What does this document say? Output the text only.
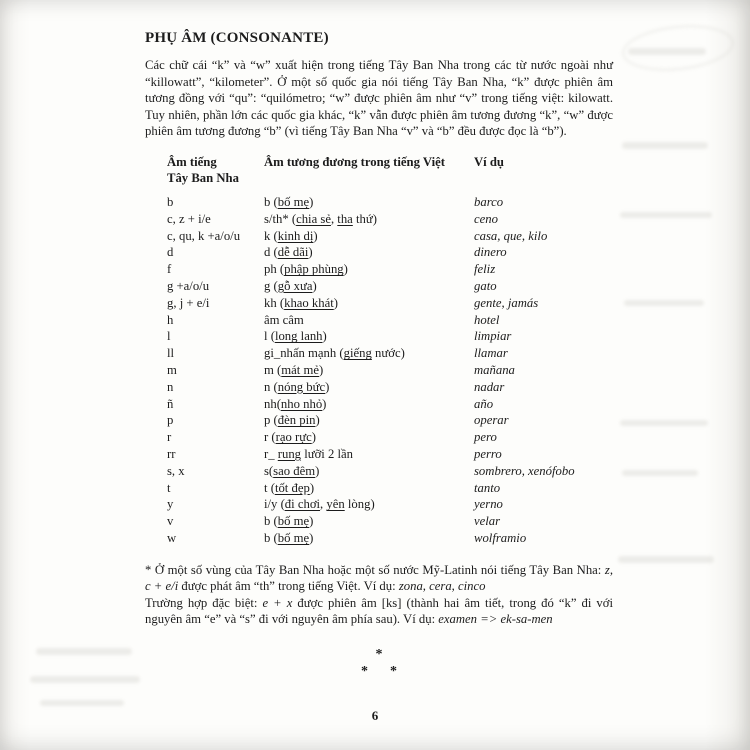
PHỤ ÂM (CONSONANTE)

Các chữ cái “k” và “w” xuất hiện trong tiếng Tây Ban Nha trong các từ nước ngoài như “killowatt”, “kilometer”. Ở một số quốc gia nói tiếng Tây Ban Nha, “k” được phiên âm tương đồng với “qu”: “quilómetro; “w” được phiên âm như “v” trong tiếng việt: kilowatt. Tuy nhiên, phần lớn các quốc gia khác, “k” vẫn được phiên âm tương đương “k”, “w” được phiên âm tương đương “b” (vì tiếng Tây Ban Nha “v” và “b” đều được đọc là “b”).

Âm tiếng
Tây Ban Nha	Âm tương đương trong tiếng Việt	Ví dụ
b	b (bố mẹ)	barco
c, z + i/e	s/th* (chia sẻ, tha thứ)	ceno
c, qu, k +a/o/u	k (kinh dị)	casa, que, kilo
d	d (dễ dãi)	dinero
f	ph (phập phùng)	feliz
g +a/o/u	g (gỗ xưa)	gato
g, j + e/i	kh (khao khát)	gente, jamás
h	âm câm	hotel
l	l (long lanh)	limpiar
ll	gi_nhấn mạnh (giếng nước)	llamar
m	m (mát mẻ)	mañana
n	n (nóng bức)	nadar
ñ	nh(nho nhỏ)	año
p	p (đèn pin)	operar
r	r (rạo rực)	pero
rr	r_ rung lưỡi 2 lần	perro
s, x	s(sao đêm)	sombrero, xenófobo
t	t (tốt đẹp)	tanto
y	i/y (đi chơi, yên lòng)	yerno
v	b (bố mẹ)	velar
w	b (bố mẹ)	wolframio

* Ở một số vùng của Tây Ban Nha hoặc một số nước Mỹ-Latinh nói tiếng Tây Ban Nha: z, c + e/i được phát âm “th” trong tiếng Việt. Ví dụ: zona, cera, cinco

Trường hợp đặc biệt: e + x được phiên âm [ks] (thành hai âm tiết, trong đó “k” đi với nguyên âm “e” và “s” đi với nguyên âm phía sau). Ví dụ: examen => ek-sa-men

*
* *
6
